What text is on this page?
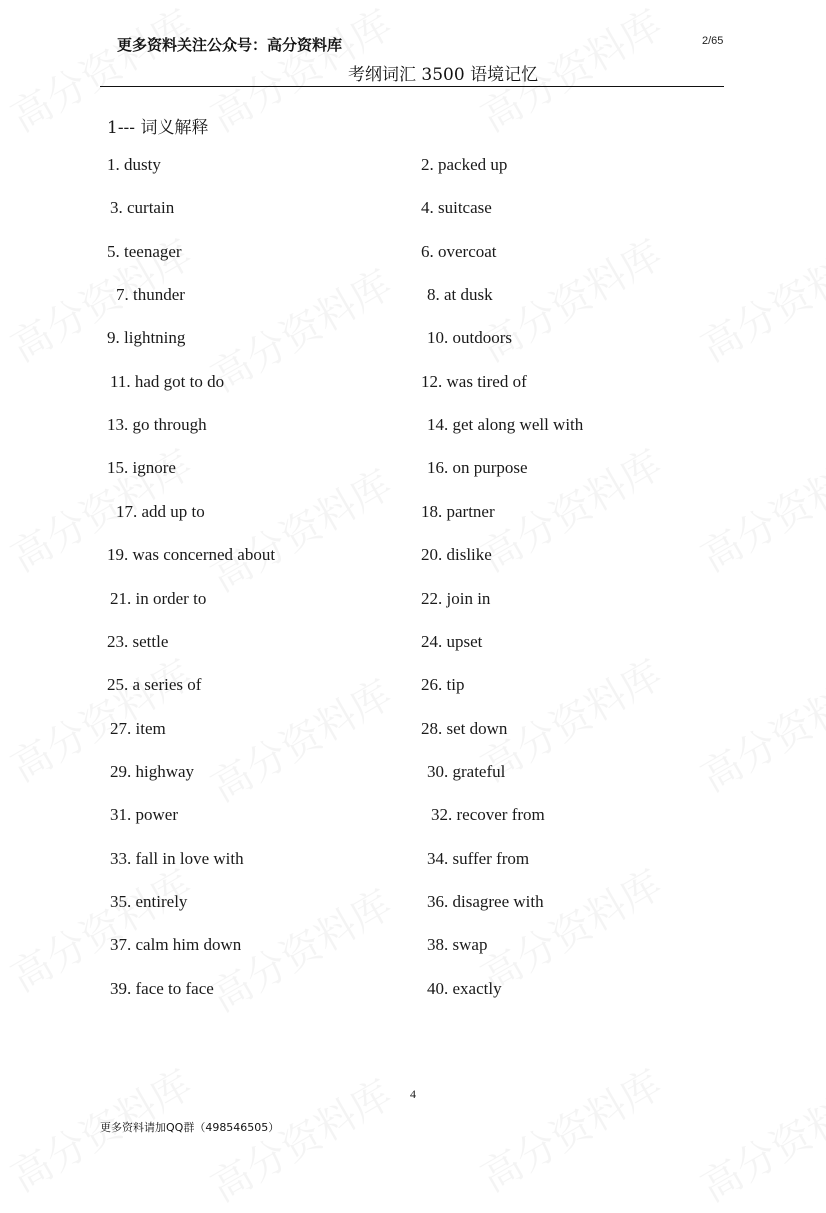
更多资料关注公众号：高分资料库	2/65
考纲词汇 3500 语境记忆
1--- 词义解释
1. dusty	2. packed up
3. curtain	4. suitcase
5. teenager	6. overcoat
7. thunder	8. at dusk
9. lightning	10. outdoors
11. had got to do	12. was tired of
13. go through	14. get along well with
15. ignore	16. on purpose
17. add up to	18. partner
19. was concerned about	20. dislike
21. in order to	22. join in
23. settle	24. upset
25. a series of	26. tip
27. item	28. set down
29. highway	30. grateful
31. power	32. recover from
33. fall in love with	34. suffer from
35. entirely	36. disagree with
37. calm him down	38. swap
39. face to face	40. exactly
4
更多资料请加QQ群（498546505）
